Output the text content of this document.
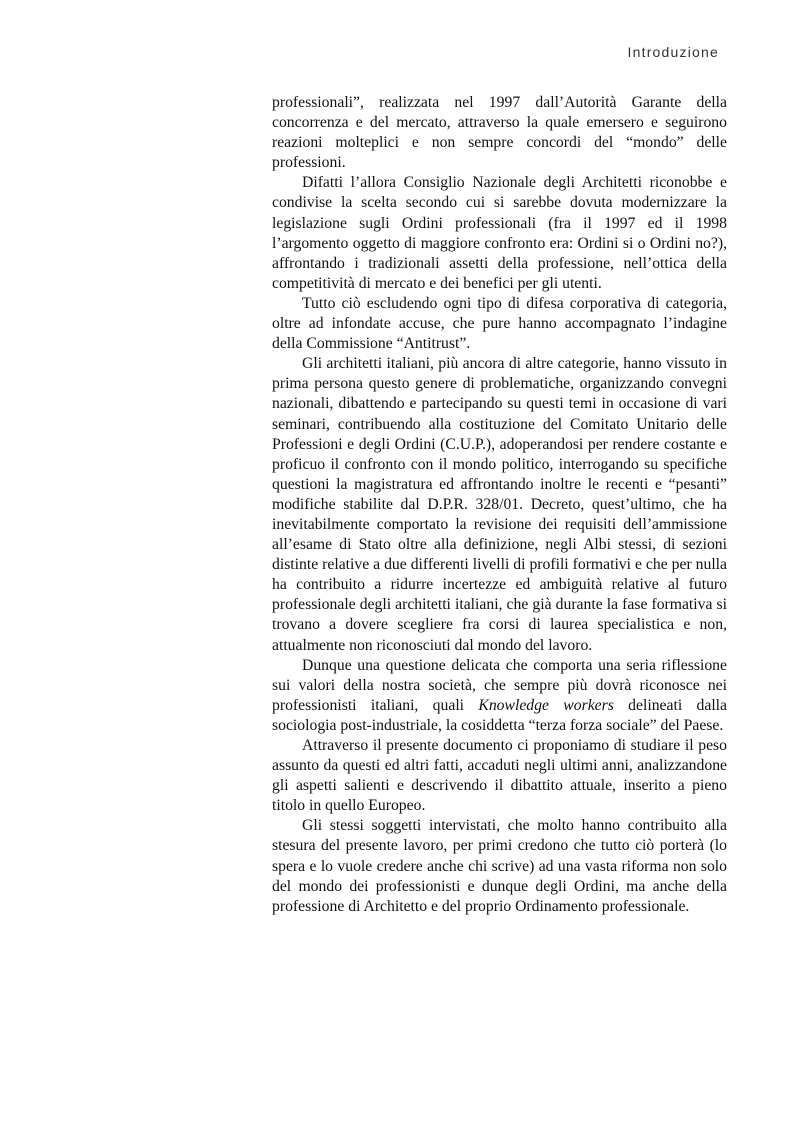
Introduzione

professionali”, realizzata nel 1997 dall’Autorità Garante della concorrenza e del mercato, attraverso la quale emersero e seguirono reazioni molteplici e non sempre concordi del “mondo” delle professioni.

Difatti l’allora Consiglio Nazionale degli Architetti riconobbe e condivise la scelta secondo cui si sarebbe dovuta modernizzare la legislazione sugli Ordini professionali (fra il 1997 ed il 1998 l’argomento oggetto di maggiore confronto era: Ordini si o Ordini no?), affrontando i tradizionali assetti della professione, nell’ottica della competitività di mercato e dei benefici per gli utenti.

Tutto ciò escludendo ogni tipo di difesa corporativa di categoria, oltre ad infondate accuse, che pure hanno accompagnato l’indagine della Commissione “Antitrust”.

Gli architetti italiani, più ancora di altre categorie, hanno vissuto in prima persona questo genere di problematiche, organizzando convegni nazionali, dibattendo e partecipando su questi temi in occasione di vari seminari, contribuendo alla costituzione del Comitato Unitario delle Professioni e degli Ordini (C.U.P.), adoperandosi per rendere costante e proficuo il confronto con il mondo politico, interrogando su specifiche questioni la magistratura ed affrontando inoltre le recenti e “pesanti” modifiche stabilite dal D.P.R. 328/01. Decreto, quest’ultimo, che ha inevitabilmente comportato la revisione dei requisiti dell’ammissione all’esame di Stato oltre alla definizione, negli Albi stessi, di sezioni distinte relative a due differenti livelli di profili formativi e che per nulla ha contribuito a ridurre incertezze ed ambiguità relative al futuro professionale degli architetti italiani, che già durante la fase formativa si trovano a dovere scegliere fra corsi di laurea specialistica e non, attualmente non riconosciuti dal mondo del lavoro.

Dunque una questione delicata che comporta una seria riflessione sui valori della nostra società, che sempre più dovrà riconosce nei professionisti italiani, quali Knowledge workers delineati dalla sociologia post-industriale, la cosiddetta “terza forza sociale” del Paese.

Attraverso il presente documento ci proponiamo di studiare il peso assunto da questi ed altri fatti, accaduti negli ultimi anni, analizzandone gli aspetti salienti e descrivendo il dibattito attuale, inserito a pieno titolo in quello Europeo.

Gli stessi soggetti intervistati, che molto hanno contribuito alla stesura del presente lavoro, per primi credono che tutto ciò porterà (lo spera e lo vuole credere anche chi scrive) ad una vasta riforma non solo del mondo dei professionisti e dunque degli Ordini, ma anche della professione di Architetto e del proprio Ordinamento professionale.
